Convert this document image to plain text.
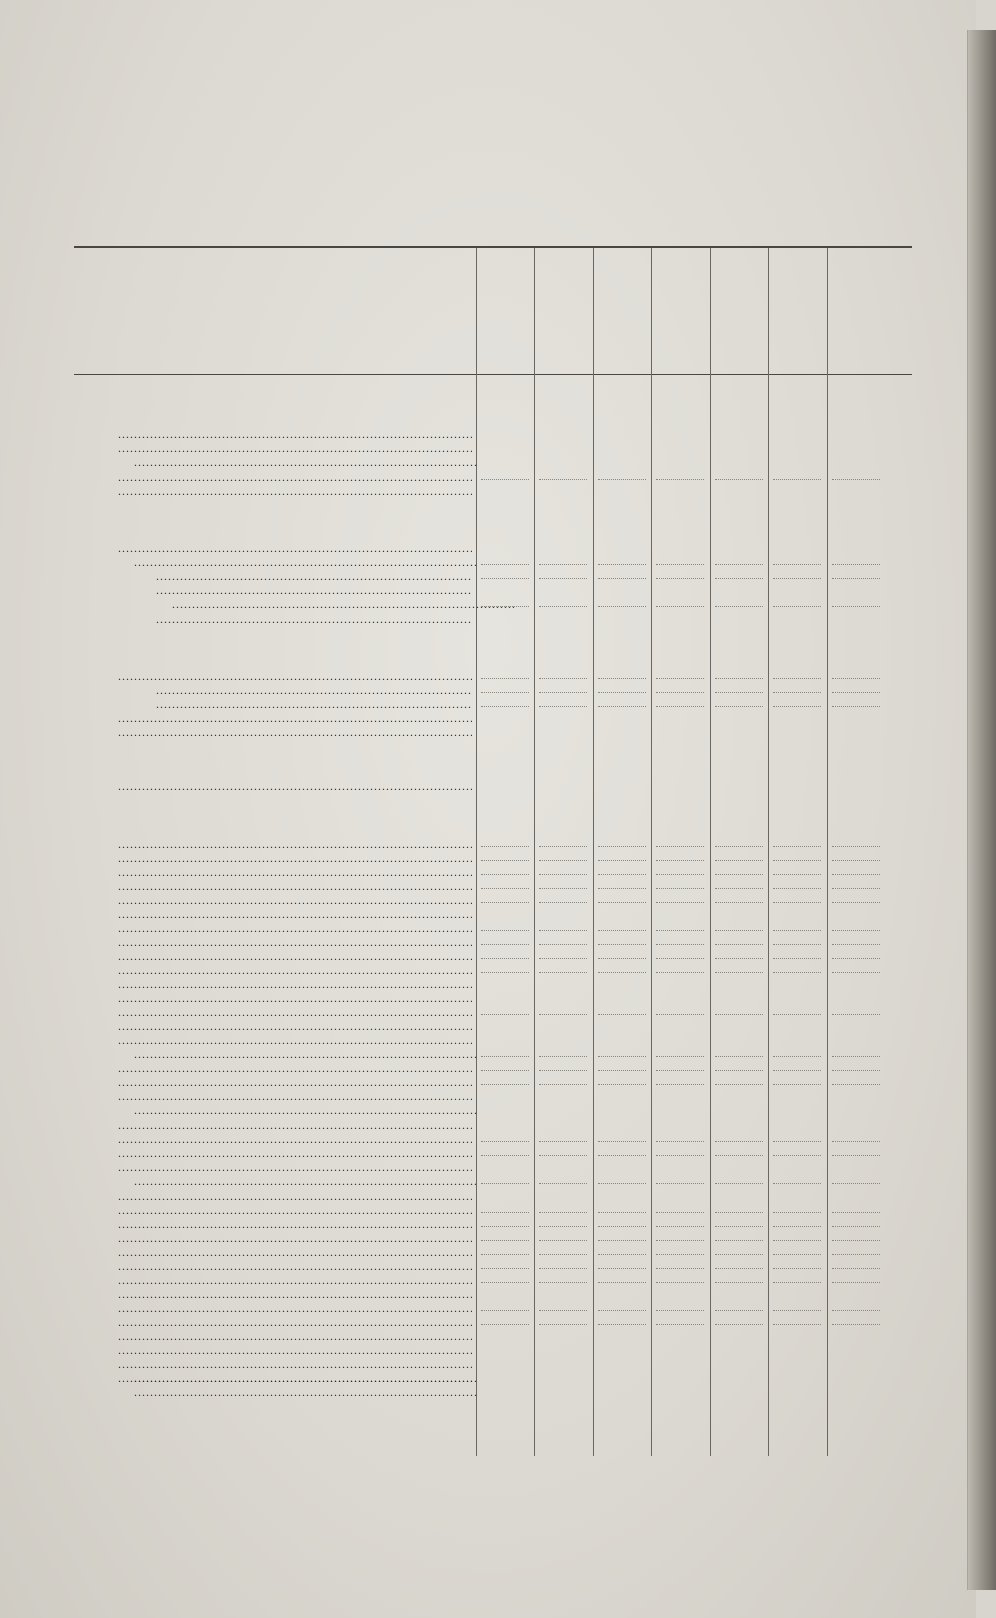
.....
.....
.....
.....
.....
.....
.....
.....
.....
.....
.....
.....
.....
.....
.....
.....
.....
.....
.....
.....
.....
.....
.....
.....
.....
.....
.....
.....
.....
.....
.....
.....
.....
.....
.....
.....
.....
.....
.....
.....
.....
.....
.....
.....
.....
.....
.....
.....
.....
.....
.....
.....
.....
.....
.....
.....
.....
.....
